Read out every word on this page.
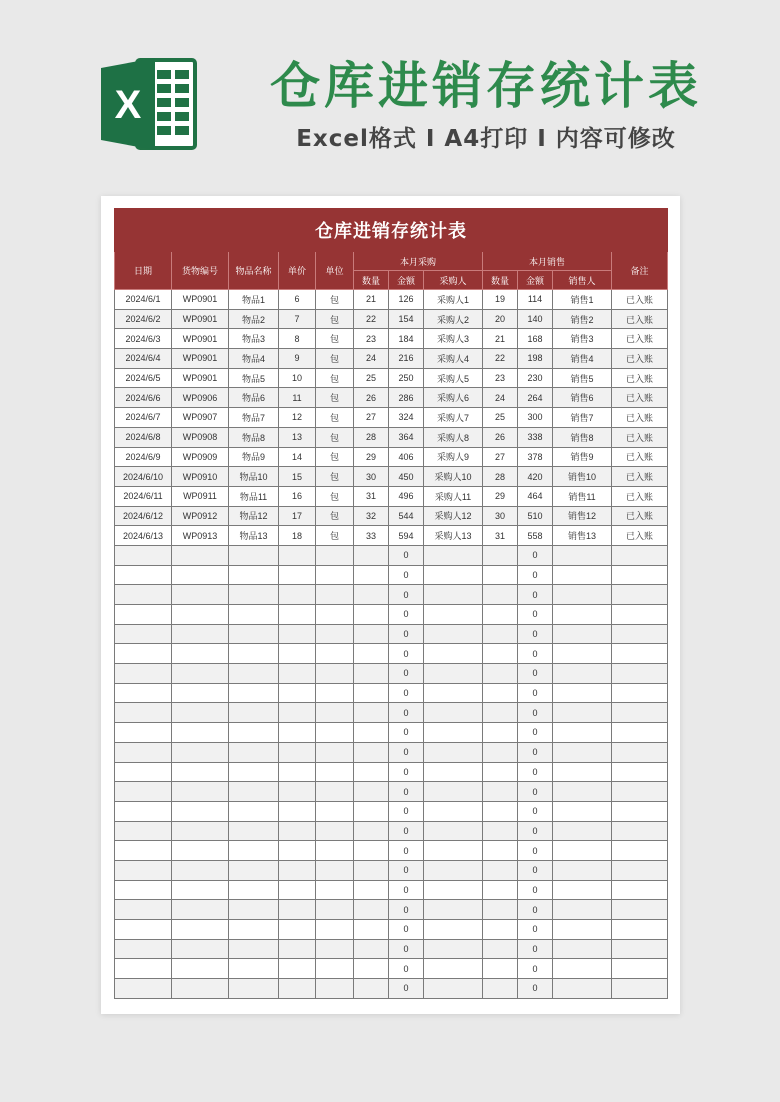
X	仓库进销存统计表
Excel格式 I A4打印 I 内容可修改
仓库进销存统计表											
日期	货物编号	物品名称	单价	单位	本月采购			本月销售			备注
					数量	金额	采购人	数量	金额	销售人	
2024/6/1	WP0901	物品1	6	包	21	126	采购人1	19	114	销售1	已入账
2024/6/2	WP0901	物品2	7	包	22	154	采购人2	20	140	销售2	已入账
2024/6/3	WP0901	物品3	8	包	23	184	采购人3	21	168	销售3	已入账
2024/6/4	WP0901	物品4	9	包	24	216	采购人4	22	198	销售4	已入账
2024/6/5	WP0901	物品5	10	包	25	250	采购人5	23	230	销售5	已入账
2024/6/6	WP0906	物品6	11	包	26	286	采购人6	24	264	销售6	已入账
2024/6/7	WP0907	物品7	12	包	27	324	采购人7	25	300	销售7	已入账
2024/6/8	WP0908	物品8	13	包	28	364	采购人8	26	338	销售8	已入账
2024/6/9	WP0909	物品9	14	包	29	406	采购人9	27	378	销售9	已入账
2024/6/10	WP0910	物品10	15	包	30	450	采购人10	28	420	销售10	已入账
2024/6/11	WP0911	物品11	16	包	31	496	采购人11	29	464	销售11	已入账
2024/6/12	WP0912	物品12	17	包	32	544	采购人12	30	510	销售12	已入账
2024/6/13	WP0913	物品13	18	包	33	594	采购人13	31	558	销售13	已入账
						0			0		
						0			0		
						0			0		
						0			0		
						0			0		
						0			0		
						0			0		
						0			0		
						0			0		
						0			0		
						0			0		
						0			0		
						0			0		
						0			0		
						0			0		
						0			0		
						0			0		
						0			0		
						0			0		
						0			0		
						0			0		
						0			0		
						0			0		
